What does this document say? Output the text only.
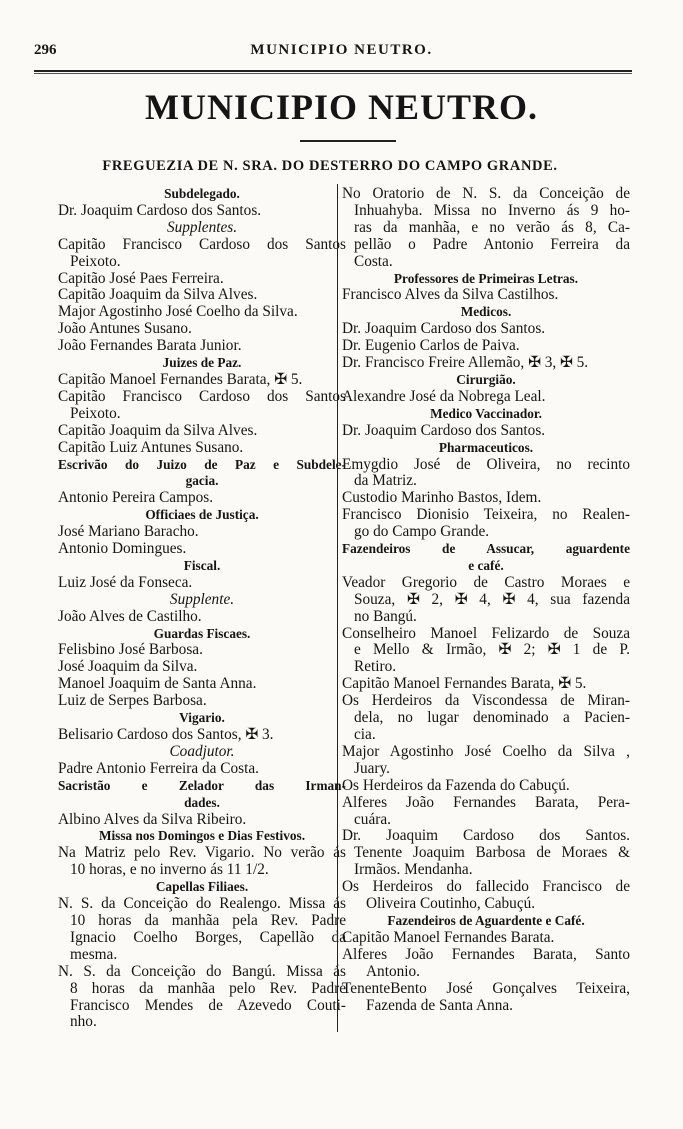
296	MUNICIPIO NEUTRO.
MUNICIPIO NEUTRO.
FREGUEZIA DE N. SRA. DO DESTERRO DO CAMPO GRANDE.
Subdelegado.
Dr. Joaquim Cardoso dos Santos.
Supplentes.
Capitão Francisco Cardoso dos Santos
Peixoto.
Capitão José Paes Ferreira.
Capitão Joaquim da Silva Alves.
Major Agostinho José Coelho da Silva.
João Antunes Susano.
João Fernandes Barata Junior.
Juizes de Paz.
Capitão Manoel Fernandes Barata, ✠ 5.
Capitão Francisco Cardoso dos Santos
Peixoto.
Capitão Joaquim da Silva Alves.
Capitão Luiz Antunes Susano.
Escrivão do Juizo de Paz e Subdele-
gacia.
Antonio Pereira Campos.
Officiaes de Justiça.
José Mariano Baracho.
Antonio Domingues.
Fiscal.
Luiz José da Fonseca.
Supplente.
João Alves de Castilho.
Guardas Fiscaes.
Felisbino José Barbosa.
José Joaquim da Silva.
Manoel Joaquim de Santa Anna.
Luiz de Serpes Barbosa.
Vigario.
Belisario Cardoso dos Santos, ✠ 3.
Coadjutor.
Padre Antonio Ferreira da Costa.
Sacristão e Zelador das Irman-
dades.
Albino Alves da Silva Ribeiro.
Missa nos Domingos e Dias Festivos.
Na Matriz pelo Rev. Vigario. No verão ás
10 horas, e no inverno ás 11 1/2.
Capellas Filiaes.
N. S. da Conceição do Realengo. Missa ás
10 horas da manhãa pela Rev. Padre
Ignacio Coelho Borges, Capellão da
mesma.
N. S. da Conceição do Bangú. Missa ás
8 horas da manhãa pelo Rev. Padre
Francisco Mendes de Azevedo Couti-
nho.
No Oratorio de N. S. da Conceição de
Inhuahyba. Missa no Inverno ás 9 ho-
ras da manhãa, e no verão ás 8, Ca-
pellão o Padre Antonio Ferreira da
Costa.
Professores de Primeiras Letras.
Francisco Alves da Silva Castilhos.
Medicos.
Dr. Joaquim Cardoso dos Santos.
Dr. Eugenio Carlos de Paiva.
Dr. Francisco Freire Allemão, ✠ 3, ✠ 5.
Cirurgião.
Alexandre José da Nobrega Leal.
Medico Vaccinador.
Dr. Joaquim Cardoso dos Santos.
Pharmaceuticos.
Emygdio José de Oliveira, no recinto
da Matriz.
Custodio Marinho Bastos, Idem.
Francisco Dionisio Teixeira, no Realen-
go do Campo Grande.
Fazendeiros de Assucar, aguardente
e café.
Veador Gregorio de Castro Moraes e
Souza, ✠ 2, ✠ 4, ✠ 4, sua fazenda
no Bangú.
Conselheiro Manoel Felizardo de Souza
e Mello & Irmão, ✠ 2; ✠ 1 de P.
Retiro.
Capitão Manoel Fernandes Barata, ✠ 5.
Os Herdeiros da Viscondessa de Miran-
dela, no lugar denominado a Pacien-
cia.
Major Agostinho José Coelho da Silva ,
Juary.
Os Herdeiros da Fazenda do Cabuçú.
Alferes João Fernandes Barata, Pera-
cuára.
Dr. Joaquim Cardoso dos Santos.
Tenente Joaquim Barbosa de Moraes &
Irmãos. Mendanha.
Os Herdeiros do fallecido Francisco de
Oliveira Coutinho, Cabuçú.
Fazendeiros de Aguardente e Café.
Capitão Manoel Fernandes Barata.
Alferes João Fernandes Barata, Santo
Antonio.
TenenteBento José Gonçalves Teixeira,
Fazenda de Santa Anna.
